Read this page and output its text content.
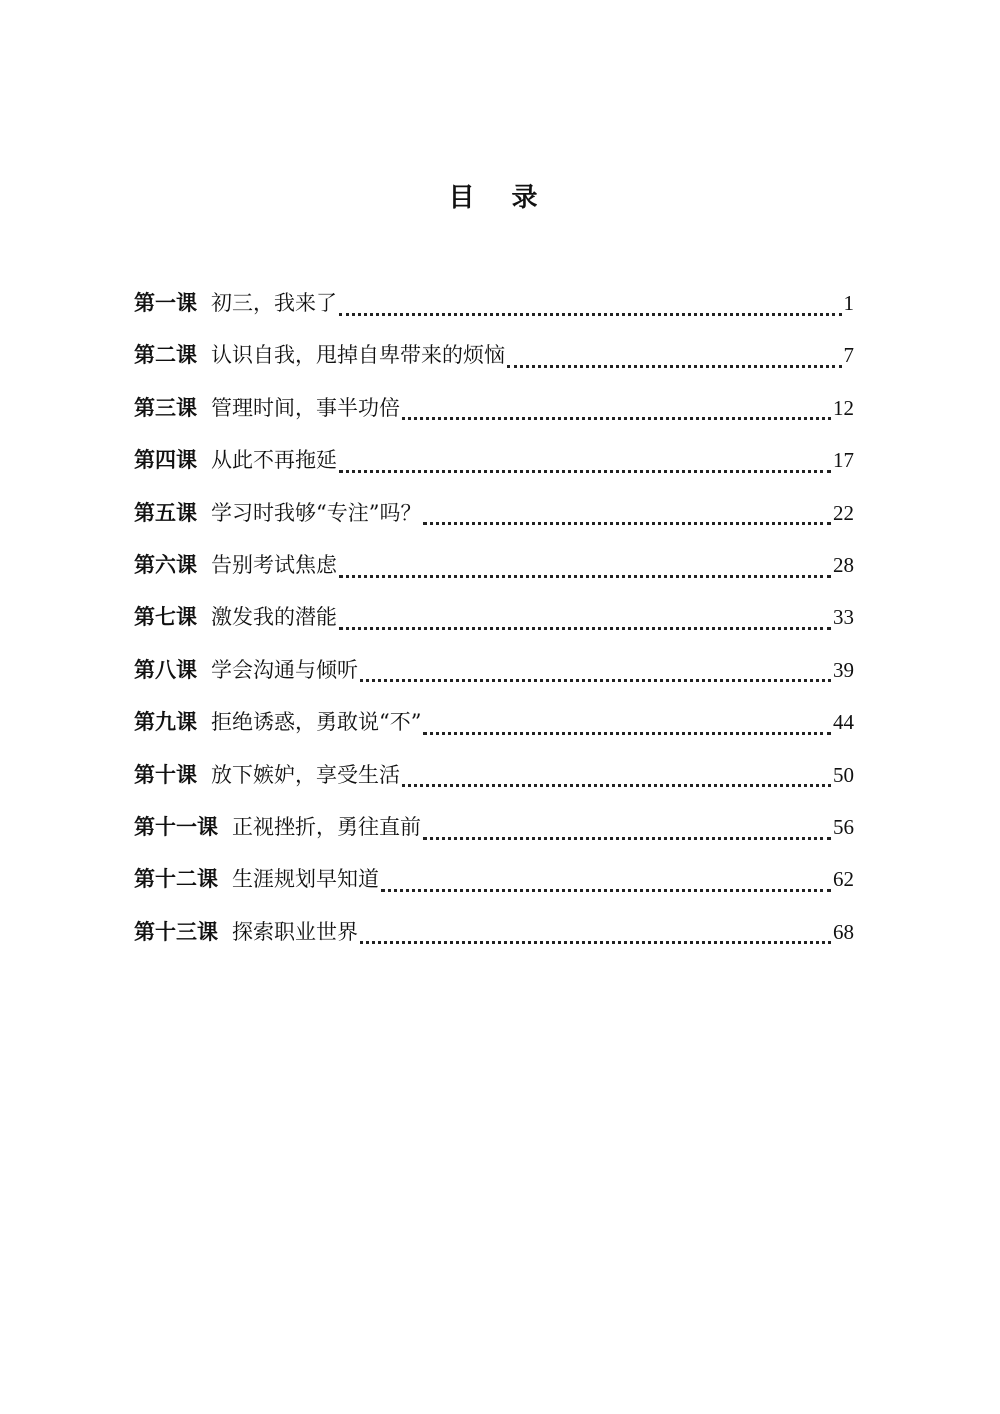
目 录
第一课 初三，我来了	1
第二课 认识自我，甩掉自卑带来的烦恼	7
第三课 管理时间，事半功倍	12
第四课 从此不再拖延	17
第五课 学习时我够“专注”吗？	22
第六课 告别考试焦虑	28
第七课 激发我的潜能	33
第八课 学会沟通与倾听	39
第九课 拒绝诱惑，勇敢说“不”	44
第十课 放下嫉妒，享受生活	50
第十一课 正视挫折，勇往直前	56
第十二课 生涯规划早知道	62
第十三课 探索职业世界	68
